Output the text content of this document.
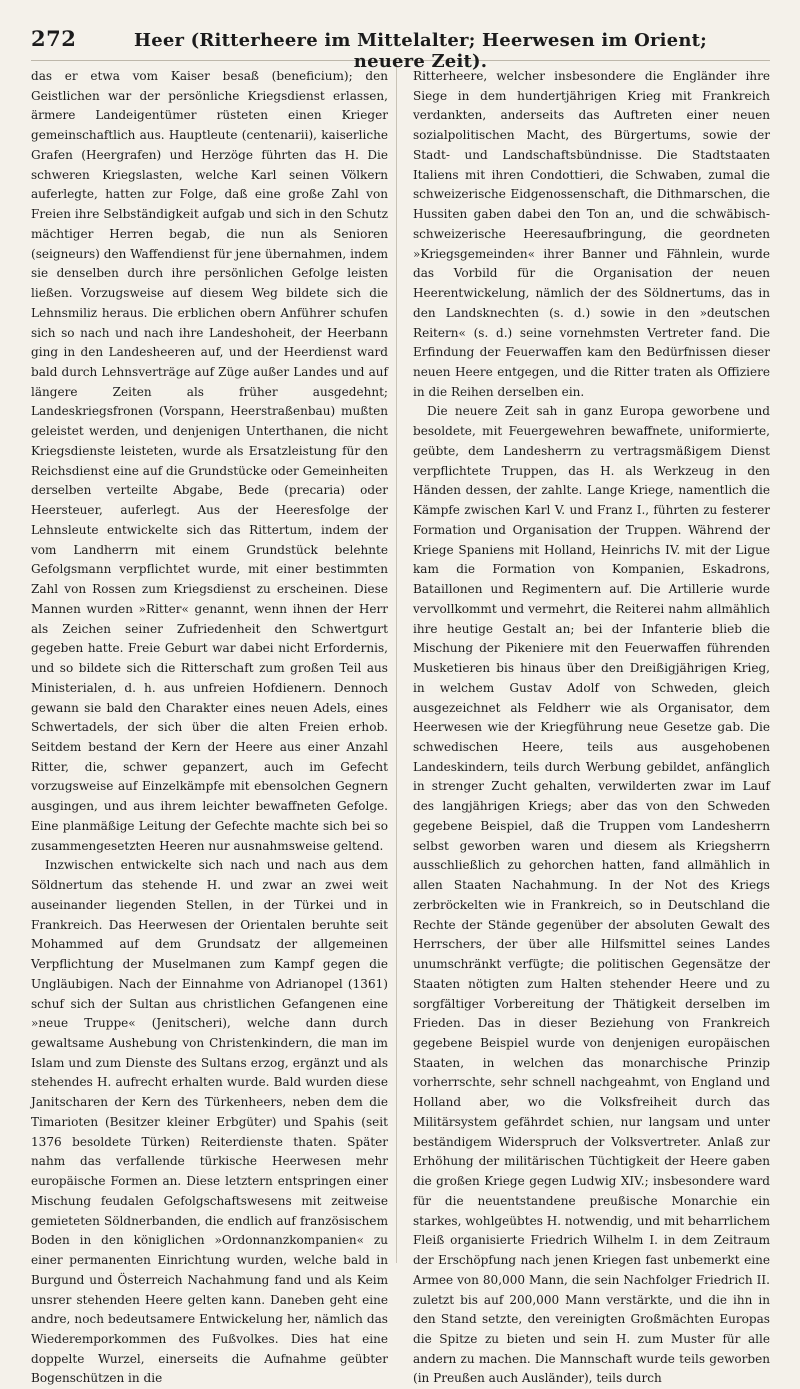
272	Heer (Ritterheere im Mittelalter; Heerwesen im Orient; neuere Zeit).

das er etwa vom Kaiser besaß (beneficium); den Geistlichen war der persönliche Kriegsdienst erlassen, ärmere Landeigentümer rüsteten einen Krieger gemeinschaftlich aus. Hauptleute (centenarii), kaiserliche Grafen (Heergrafen) und Herzöge führten das H. Die schweren Kriegslasten, welche Karl seinen Völkern auferlegte, hatten zur Folge, daß eine große Zahl von Freien ihre Selbständigkeit aufgab und sich in den Schutz mächtiger Herren begab, die nun als Senioren (seigneurs) den Waffendienst für jene übernahmen, indem sie denselben durch ihre persönlichen Gefolge leisten ließen. Vorzugsweise auf diesem Weg bildete sich die Lehnsmiliz heraus. Die erblichen obern Anführer schufen sich so nach und nach ihre Landeshoheit, der Heerbann ging in den Landesheeren auf, und der Heerdienst ward bald durch Lehnsverträge auf Züge außer Landes und auf längere Zeiten als früher ausgedehnt; Landeskriegsfronen (Vorspann, Heerstraßenbau) mußten geleistet werden, und denjenigen Unterthanen, die nicht Kriegsdienste leisteten, wurde als Ersatzleistung für den Reichsdienst eine auf die Grundstücke oder Gemeinheiten derselben verteilte Abgabe, Bede (precaria) oder Heersteuer, auferlegt. Aus der Heeresfolge der Lehnsleute entwickelte sich das Rittertum, indem der vom Landherrn mit einem Grundstück belehnte Gefolgsmann verpflichtet wurde, mit einer bestimmten Zahl von Rossen zum Kriegsdienst zu erscheinen. Diese Mannen wurden »Ritter« genannt, wenn ihnen der Herr als Zeichen seiner Zufriedenheit den Schwertgurt gegeben hatte. Freie Geburt war dabei nicht Erfordernis, und so bildete sich die Ritterschaft zum großen Teil aus Ministerialen, d. h. aus unfreien Hofdienern. Dennoch gewann sie bald den Charakter eines neuen Adels, eines Schwertadels, der sich über die alten Freien erhob. Seitdem bestand der Kern der Heere aus einer Anzahl Ritter, die, schwer gepanzert, auch im Gefecht vorzugsweise auf Einzelkämpfe mit ebensolchen Gegnern ausgingen, und aus ihrem leichter bewaffneten Gefolge. Eine planmäßige Leitung der Gefechte machte sich bei so zusammengesetzten Heeren nur ausnahmsweise geltend.

Inzwischen entwickelte sich nach und nach aus dem Söldnertum das stehende H. und zwar an zwei weit auseinander liegenden Stellen, in der Türkei und in Frankreich. Das Heerwesen der Orientalen beruhte seit Mohammed auf dem Grundsatz der allgemeinen Verpflichtung der Muselmanen zum Kampf gegen die Ungläubigen. Nach der Einnahme von Adrianopel (1361) schuf sich der Sultan aus christlichen Gefangenen eine »neue Truppe« (Jenitscheri), welche dann durch gewaltsame Aushebung von Christenkindern, die man im Islam und zum Dienste des Sultans erzog, ergänzt und als stehendes H. aufrecht erhalten wurde. Bald wurden diese Janitscharen der Kern des Türkenheers, neben dem die Timarioten (Besitzer kleiner Erbgüter) und Spahis (seit 1376 besoldete Türken) Reiterdienste thaten. Später nahm das verfallende türkische Heerwesen mehr europäische Formen an. Diese letztern entspringen einer Mischung feudalen Gefolgschaftswesens mit zeitweise gemieteten Söldnerbanden, die endlich auf französischem Boden in den königlichen »Ordonnanzkompanien« zu einer permanenten Einrichtung wurden, welche bald in Burgund und Österreich Nachahmung fand und als Keim unsrer stehenden Heere gelten kann. Daneben geht eine andre, noch bedeutsamere Entwickelung her, nämlich das Wiederemporkommen des Fußvolkes. Dies hat eine doppelte Wurzel, einerseits die Aufnahme geübter Bogenschützen in die

Ritterheere, welcher insbesondere die Engländer ihre Siege in dem hundertjährigen Krieg mit Frankreich verdankten, anderseits das Auftreten einer neuen sozialpolitischen Macht, des Bürgertums, sowie der Stadt- und Landschaftsbündnisse. Die Stadtstaaten Italiens mit ihren Condottieri, die Schwaben, zumal die schweizerische Eidgenossenschaft, die Dithmarschen, die Hussiten gaben dabei den Ton an, und die schwäbisch-schweizerische Heeresaufbringung, die geordneten »Kriegsgemeinden« ihrer Banner und Fähnlein, wurde das Vorbild für die Organisation der neuen Heerentwickelung, nämlich der des Söldnertums, das in den Landsknechten (s. d.) sowie in den »deutschen Reitern« (s. d.) seine vornehmsten Vertreter fand. Die Erfindung der Feuerwaffen kam den Bedürfnissen dieser neuen Heere entgegen, und die Ritter traten als Offiziere in die Reihen derselben ein.

Die neuere Zeit sah in ganz Europa geworbene und besoldete, mit Feuergewehren bewaffnete, uniformierte, geübte, dem Landesherrn zu vertragsmäßigem Dienst verpflichtete Truppen, das H. als Werkzeug in den Händen dessen, der zahlte. Lange Kriege, namentlich die Kämpfe zwischen Karl V. und Franz I., führten zu festerer Formation und Organisation der Truppen. Während der Kriege Spaniens mit Holland, Heinrichs IV. mit der Ligue kam die Formation von Kompanien, Eskadrons, Bataillonen und Regimentern auf. Die Artillerie wurde vervollkommt und vermehrt, die Reiterei nahm allmählich ihre heutige Gestalt an; bei der Infanterie blieb die Mischung der Pikeniere mit den Feuerwaffen führenden Musketieren bis hinaus über den Dreißigjährigen Krieg, in welchem Gustav Adolf von Schweden, gleich ausgezeichnet als Feldherr wie als Organisator, dem Heerwesen wie der Kriegführung neue Gesetze gab. Die schwedischen Heere, teils aus ausgehobenen Landeskindern, teils durch Werbung gebildet, anfänglich in strenger Zucht gehalten, verwilderten zwar im Lauf des langjährigen Kriegs; aber das von den Schweden gegebene Beispiel, daß die Truppen vom Landesherrn selbst geworben waren und diesem als Kriegsherrn ausschließlich zu gehorchen hatten, fand allmählich in allen Staaten Nachahmung. In der Not des Kriegs zerbröckelten wie in Frankreich, so in Deutschland die Rechte der Stände gegenüber der absoluten Gewalt des Herrschers, der über alle Hilfsmittel seines Landes unumschränkt verfügte; die politischen Gegensätze der Staaten nötigten zum Halten stehender Heere und zu sorgfältiger Vorbereitung der Thätigkeit derselben im Frieden. Das in dieser Beziehung von Frankreich gegebene Beispiel wurde von denjenigen europäischen Staaten, in welchen das monarchische Prinzip vorherrschte, sehr schnell nachgeahmt, von England und Holland aber, wo die Volksfreiheit durch das Militärsystem gefährdet schien, nur langsam und unter beständigem Widerspruch der Volksvertreter. Anlaß zur Erhöhung der militärischen Tüchtigkeit der Heere gaben die großen Kriege gegen Ludwig XIV.; insbesondere ward für die neuentstandene preußische Monarchie ein starkes, wohlgeübtes H. notwendig, und mit beharrlichem Fleiß organisierte Friedrich Wilhelm I. in dem Zeitraum der Erschöpfung nach jenen Kriegen fast unbemerkt eine Armee von 80,000 Mann, die sein Nachfolger Friedrich II. zuletzt bis auf 200,000 Mann verstärkte, und die ihn in den Stand setzte, den vereinigten Großmächten Europas die Spitze zu bieten und sein H. zum Muster für alle andern zu machen. Die Mannschaft wurde teils geworben (in Preußen auch Ausländer), teils durch
